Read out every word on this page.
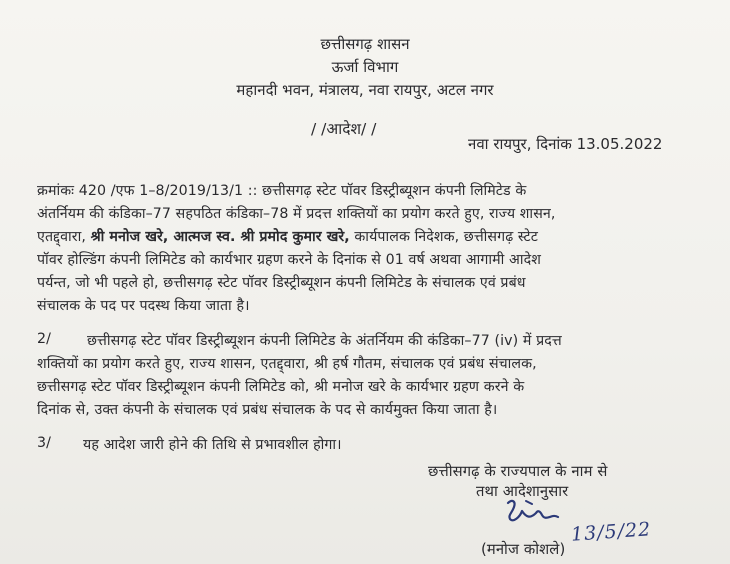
छत्तीसगढ़ शासन
ऊर्जा विभाग
महानदी भवन, मंत्रालय, नवा रायपुर, अटल नगर
/ /आदेश/ /
नवा रायपुर, दिनांक 13.05.2022
क्रमांकः 420 /एफ 1–8/2019/13/1 :: छत्तीसगढ़ स्टेट पॉवर डिस्ट्रीब्यूशन कंपनी लिमिटेड के
अंतर्नियम की कंडिका–77 सहपठित कंडिका–78 में प्रदत्त शक्तियों का प्रयोग करते हुए, राज्य शासन,
एतद्द्वारा, श्री मनोज खरे, आत्मज स्व. श्री प्रमोद कुमार खरे, कार्यपालक निदेशक, छत्तीसगढ़ स्टेट
पॉवर होल्डिंग कंपनी लिमिटेड को कार्यभार ग्रहण करने के दिनांक से 01 वर्ष अथवा आगामी आदेश
पर्यन्त, जो भी पहले हो, छत्तीसगढ़ स्टेट पॉवर डिस्ट्रीब्यूशन कंपनी लिमिटेड के संचालक एवं प्रबंध
संचालक के पद पर पदस्थ किया जाता है।
2/	छत्तीसगढ़ स्टेट पॉवर डिस्ट्रीब्यूशन कंपनी लिमिटेड के अंतर्नियम की कंडिका–77 (iv) में प्रदत्त
शक्तियों का प्रयोग करते हुए, राज्य शासन, एतद्द्वारा, श्री हर्ष गौतम, संचालक एवं प्रबंध संचालक,
छत्तीसगढ़ स्टेट पॉवर डिस्ट्रीब्यूशन कंपनी लिमिटेड को, श्री मनोज खरे के कार्यभार ग्रहण करने के
दिनांक से, उक्त कंपनी के संचालक एवं प्रबंध संचालक के पद से कार्यमुक्त किया जाता है।
3/ यह आदेश जारी होने की तिथि से प्रभावशील होगा।
छत्तीसगढ़ के राज्यपाल के नाम से
तथा आदेशानुसार
13/5/22
(मनोज कोशले)
